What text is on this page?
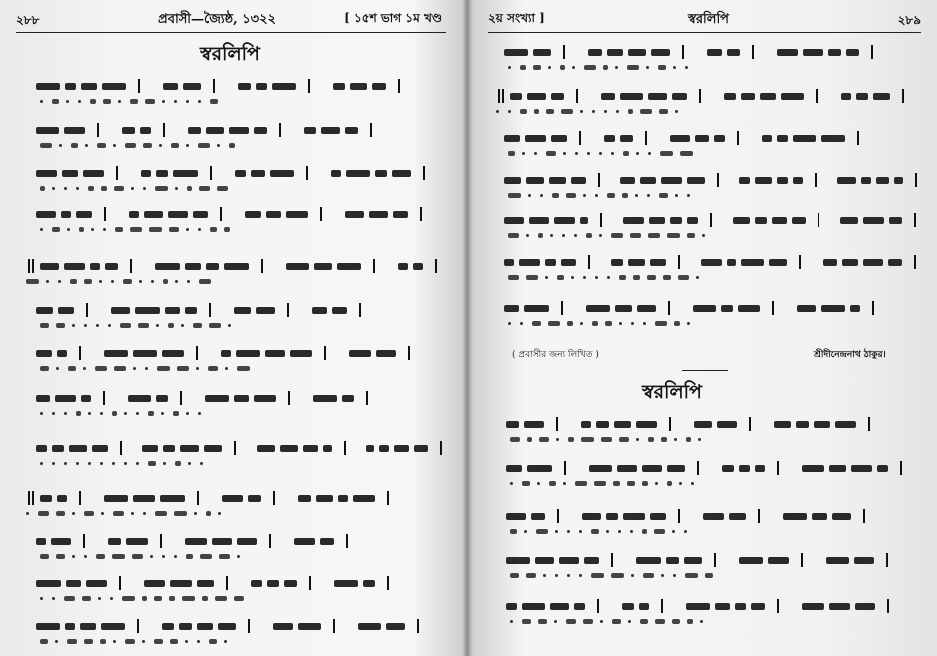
২৮৮	প্রবাসী—জ্যৈষ্ঠ, ১৩২২	[ ১৫শ ভাগ ১ম খণ্ড
স্বরলিপি
২য় সংখ্যা ]	স্বরলিপি	২৮৯
( প্রবাসীর জন্য লিখিত )	শ্রীদীনেন্দ্রনাথ ঠাকুর।
স্বরলিপি
